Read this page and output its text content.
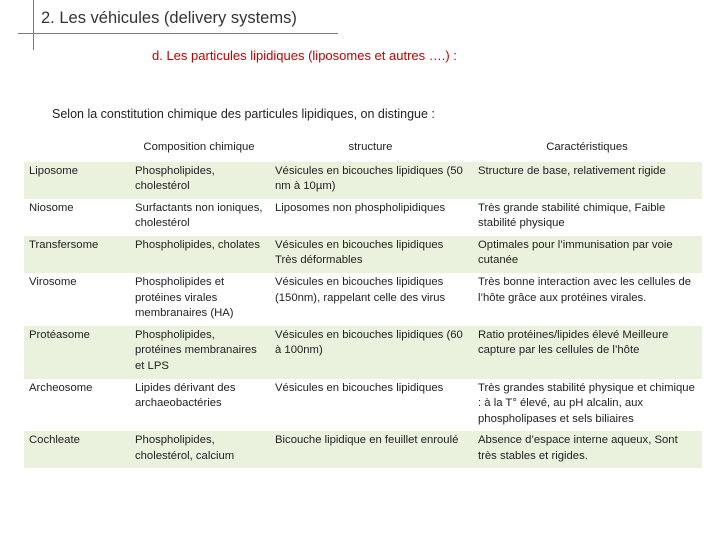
2. Les véhicules (delivery systems)
d. Les particules lipidiques (liposomes et autres ….) :
Selon la constitution chimique des particules lipidiques, on distingue :
	Composition chimique	structure	Caractéristiques
Liposome	Phospholipides, cholestérol	Vésicules en bicouches lipidiques (50 nm à 10µm)	Structure de base, relativement rigide
Niosome	Surfactants non ioniques, cholestérol	Liposomes non phospholipidiques	Très grande stabilité chimique, Faible stabilité physique
Transfersome	Phospholipides, cholates	Vésicules en bicouches lipidiques Très déformables	Optimales pour l’immunisation par voie cutanée
Virosome	Phospholipides et protéines virales membranaires (HA)	Vésicules en bicouches lipidiques (150nm), rappelant celle des virus	Très bonne interaction avec les cellules de l’hôte grâce aux protéines virales.
Protéasome	Phospholipides, protéines membranaires et LPS	Vésicules en bicouches lipidiques (60 à 100nm)	Ratio protéines/lipides élevé Meilleure capture par les cellules de l’hôte
Archeosome	Lipides dérivant des archaeobactéries	Vésicules en bicouches lipidiques	Très grandes stabilité physique et chimique : à la T° élevé, au pH alcalin, aux phospholipases et sels biliaires
Cochleate	Phospholipides, cholestérol, calcium	Bicouche lipidique en feuillet enroulé	Absence d’espace interne aqueux, Sont très stables et rigides.
